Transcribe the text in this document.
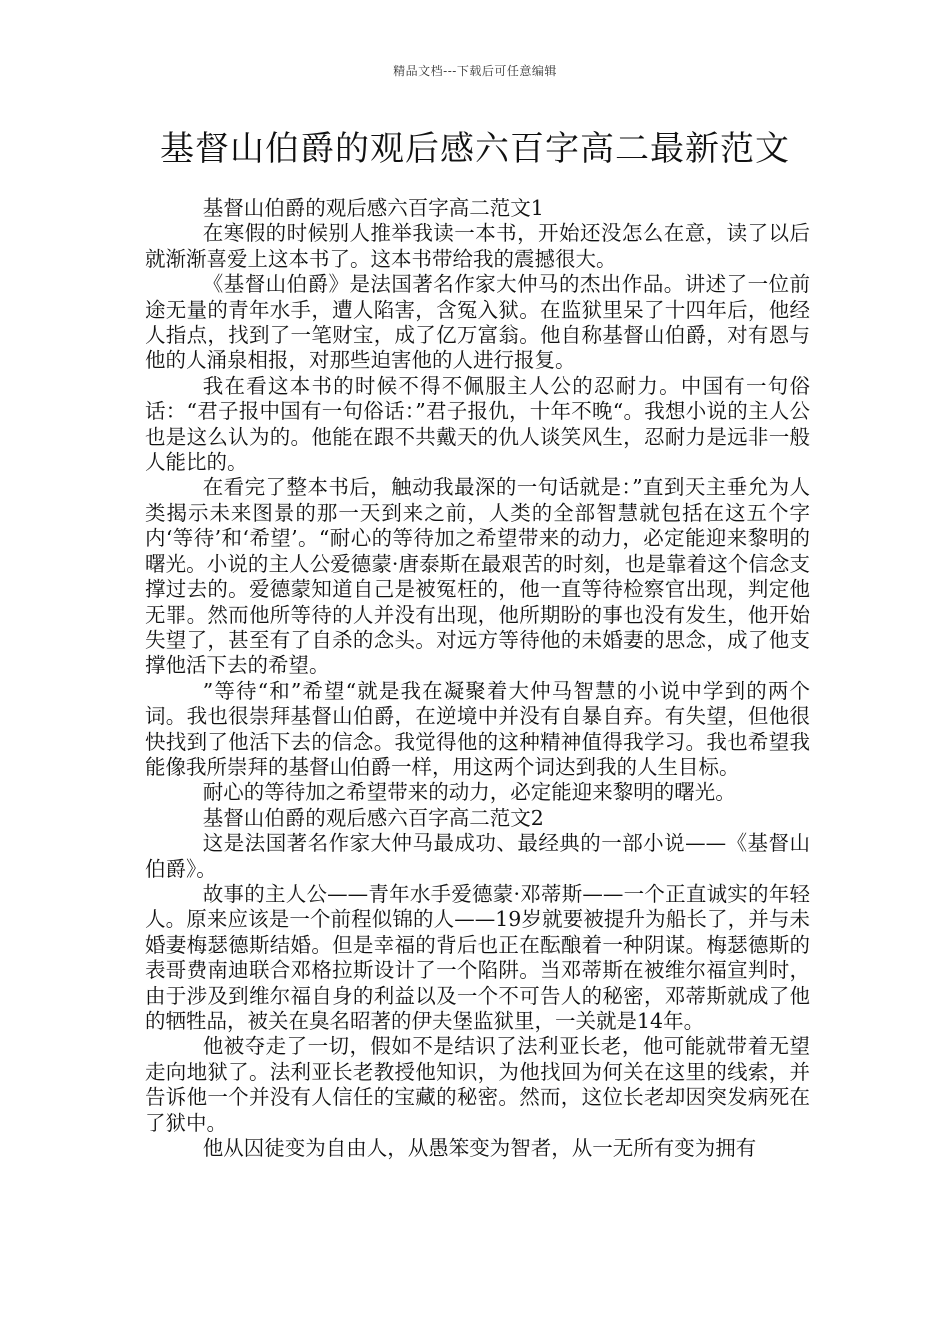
精品文档---下载后可任意编辑
基督山伯爵的观后感六百字高二最新范文

基督山伯爵的观后感六百字高二范文1

在寒假的时候别人推举我读一本书，开始还没怎么在意，读了以后就渐渐喜爱上这本书了。这本书带给我的震撼很大。

《基督山伯爵》是法国著名作家大仲马的杰出作品。讲述了一位前途无量的青年水手，遭人陷害，含冤入狱。在监狱里呆了十四年后，他经人指点，找到了一笔财宝，成了亿万富翁。他自称基督山伯爵，对有恩与他的人涌泉相报，对那些迫害他的人进行报复。

我在看这本书的时候不得不佩服主人公的忍耐力。中国有一句俗话：“君子报中国有一句俗话：”君子报仇，十年不晚“。我想小说的主人公也是这么认为的。他能在跟不共戴天的仇人谈笑风生，忍耐力是远非一般人能比的。

在看完了整本书后，触动我最深的一句话就是：”直到天主垂允为人类揭示未来图景的那一天到来之前，人类的全部智慧就包括在这五个字内‘等待’和‘希望’。“耐心的等待加之希望带来的动力，必定能迎来黎明的曙光。小说的主人公爱德蒙·唐泰斯在最艰苦的时刻，也是靠着这个信念支撑过去的。爱德蒙知道自己是被冤枉的，他一直等待检察官出现，判定他无罪。然而他所等待的人并没有出现，他所期盼的事也没有发生，他开始失望了，甚至有了自杀的念头。对远方等待他的未婚妻的思念，成了他支撑他活下去的希望。

”等待“和”希望“就是我在凝聚着大仲马智慧的小说中学到的两个词。我也很崇拜基督山伯爵，在逆境中并没有自暴自弃。有失望，但他很快找到了他活下去的信念。我觉得他的这种精神值得我学习。我也希望我能像我所崇拜的基督山伯爵一样，用这两个词达到我的人生目标。

耐心的等待加之希望带来的动力，必定能迎来黎明的曙光。

基督山伯爵的观后感六百字高二范文2

这是法国著名作家大仲马最成功、最经典的一部小说——《基督山伯爵》。

故事的主人公——青年水手爱德蒙·邓蒂斯——一个正直诚实的年轻人。原来应该是一个前程似锦的人——19岁就要被提升为船长了，并与未婚妻梅瑟德斯结婚。但是幸福的背后也正在酝酿着一种阴谋。梅瑟德斯的表哥费南迪联合邓格拉斯设计了一个陷阱。当邓蒂斯在被维尔福宣判时，由于涉及到维尔福自身的利益以及一个不可告人的秘密，邓蒂斯就成了他的牺牲品，被关在臭名昭著的伊夫堡监狱里，一关就是14年。

他被夺走了一切，假如不是结识了法利亚长老，他可能就带着无望走向地狱了。法利亚长老教授他知识，为他找回为何关在这里的线索，并告诉他一个并没有人信任的宝藏的秘密。然而，这位长老却因突发病死在了狱中。

他从囚徒变为自由人，从愚笨变为智者，从一无所有变为拥有
